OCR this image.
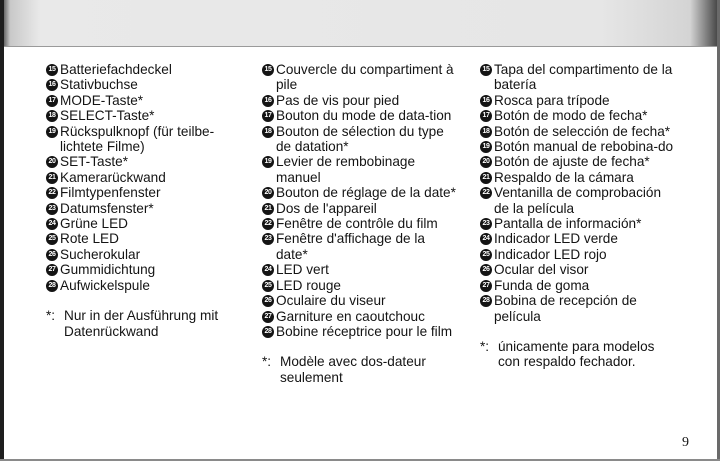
15 Batteriefachdeckel
16 Stativbuchse
17 MODE-Taste*
18 SELECT-Taste*
19 Rückspulknopf (für teilbe-lichtete Filme)
20 SET-Taste*
21 Kamerarückwand
22 Filmtypenfenster
23 Datumsfenster*
24 Grüne LED
25 Rote LED
26 Sucherokular
27 Gummidichtung
28 Aufwickelspule
*: Nur in der Ausführung mit Datenrückwand
15 Couvercle du compartiment à pile
16 Pas de vis pour pied
17 Bouton du mode de data-tion
18 Bouton de sélection du type de datation*
19 Levier de rembobinage manuel
20 Bouton de réglage de la date*
21 Dos de l'appareil
22 Fenêtre de contrôle du film
23 Fenêtre d'affichage de la date*
24 LED vert
25 LED rouge
26 Oculaire du viseur
27 Garniture en caoutchouc
28 Bobine réceptrice pour le film
*: Modèle avec dos-dateur seulement
15 Tapa del compartimento de la batería
16 Rosca para trípode
17 Botón de modo de fecha*
18 Botón de selección de fecha*
19 Botón manual de rebobina-do
20 Botón de ajuste de fecha*
21 Respaldo de la cámara
22 Ventanilla de comprobación de la película
23 Pantalla de información*
24 Indicador LED verde
25 Indicador LED rojo
26 Ocular del visor
27 Funda de goma
28 Bobina de recepción de película
*: únicamente para modelos con respaldo fechador.
9
